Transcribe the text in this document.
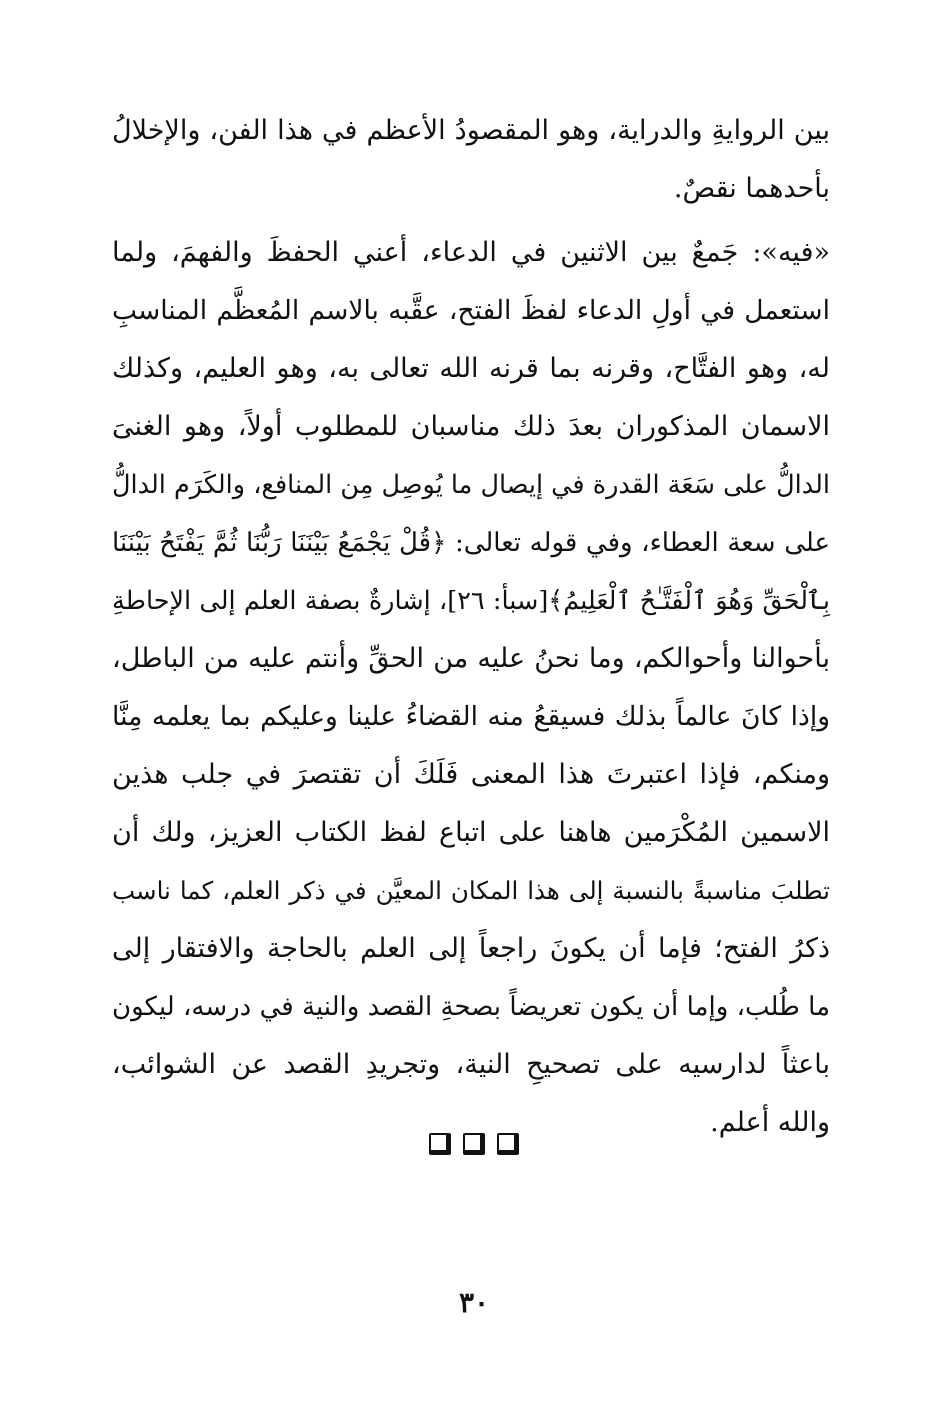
بين الروايةِ والدراية، وهو المقصودُ الأعظم في هذا الفن، والإخلالُ
بأحدهما نقصٌ.
«فيه»: جَمعٌ بين الاثنين في الدعاء، أعني الحفظَ والفهمَ، ولما
استعمل في أولِ الدعاء لفظَ الفتح، عقَّبه بالاسم المُعظَّم المناسبِ
له، وهو الفتَّاح، وقرنه بما قرنه الله تعالى به، وهو العليم، وكذلك
الاسمان المذكوران بعدَ ذلك مناسبان للمطلوب أولاً، وهو الغنىَ
الدالُّ على سَعَة القدرة في إيصال ما يُوصِل مِن المنافع، والكَرَم الدالُّ
على سعة العطاء، وفي قوله تعالى: ﴿قُلْ يَجْمَعُ بَيْنَنَا رَبُّنَا ثُمَّ يَفْتَحُ بَيْنَنَا
بِٱلْحَقِّ وَهُوَ ٱلْفَتَّـٰحُ ٱلْعَلِيمُ﴾[سبأ: ٢٦]، إشارةٌ بصفة العلم إلى الإحاطةِ
بأحوالنا وأحوالكم، وما نحنُ عليه من الحقِّ وأنتم عليه من الباطل،
وإذا كانَ عالماً بذلك فسيقعُ منه القضاءُ علينا وعليكم بما يعلمه مِنَّا
ومنكم، فإذا اعتبرتَ هذا المعنى فَلَكَ أن تقتصرَ في جلب هذين
الاسمين المُكْرَمين هاهنا على اتباع لفظ الكتاب العزيز، ولك أن
تطلبَ مناسبةً بالنسبة إلى هذا المكان المعيَّن في ذكر العلم، كما ناسب
ذكرُ الفتح؛ فإما أن يكونَ راجعاً إلى العلم بالحاجة والافتقار إلى
ما طُلب، وإما أن يكون تعريضاً بصحةِ القصد والنية في درسه، ليكون
باعثاً لدارسيه على تصحيحِ النية، وتجريدِ القصد عن الشوائب،
والله أعلم.
٣٠
